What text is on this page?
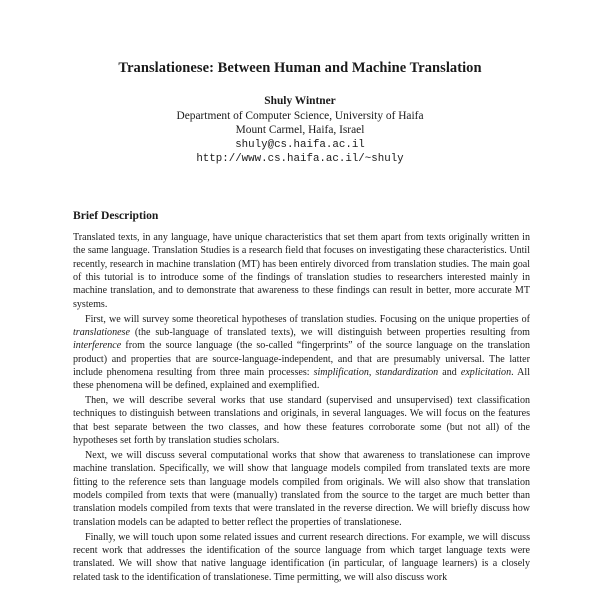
Translationese: Between Human and Machine Translation
Shuly Wintner
Department of Computer Science, University of Haifa
Mount Carmel, Haifa, Israel
shuly@cs.haifa.ac.il
http://www.cs.haifa.ac.il/~shuly
Brief Description

Translated texts, in any language, have unique characteristics that set them apart from texts originally written in the same language. Translation Studies is a research field that focuses on investigating these characteristics. Until recently, research in machine translation (MT) has been entirely divorced from translation studies. The main goal of this tutorial is to introduce some of the findings of translation studies to researchers interested mainly in machine translation, and to demonstrate that awareness to these findings can result in better, more accurate MT systems.

First, we will survey some theoretical hypotheses of translation studies. Focusing on the unique properties of translationese (the sub-language of translated texts), we will distinguish between properties resulting from interference from the source language (the so-called “fingerprints” of the source language on the translation product) and properties that are source-language-independent, and that are presumably universal. The latter include phenomena resulting from three main processes: simplification, standardization and explicitation. All these phenomena will be defined, explained and exemplified.

Then, we will describe several works that use standard (supervised and unsupervised) text classification techniques to distinguish between translations and originals, in several languages. We will focus on the features that best separate between the two classes, and how these features corroborate some (but not all) of the hypotheses set forth by translation studies scholars.

Next, we will discuss several computational works that show that awareness to translationese can improve machine translation. Specifically, we will show that language models compiled from translated texts are more fitting to the reference sets than language models compiled from originals. We will also show that translation models compiled from texts that were (manually) translated from the source to the target are much better than translation models compiled from texts that were translated in the reverse direction. We will briefly discuss how translation models can be adapted to better reflect the properties of translationese.

Finally, we will touch upon some related issues and current research directions. For example, we will discuss recent work that addresses the identification of the source language from which target language texts were translated. We will show that native language identification (in particular, of language learners) is a closely related task to the identification of translationese. Time permitting, we will also discuss work
